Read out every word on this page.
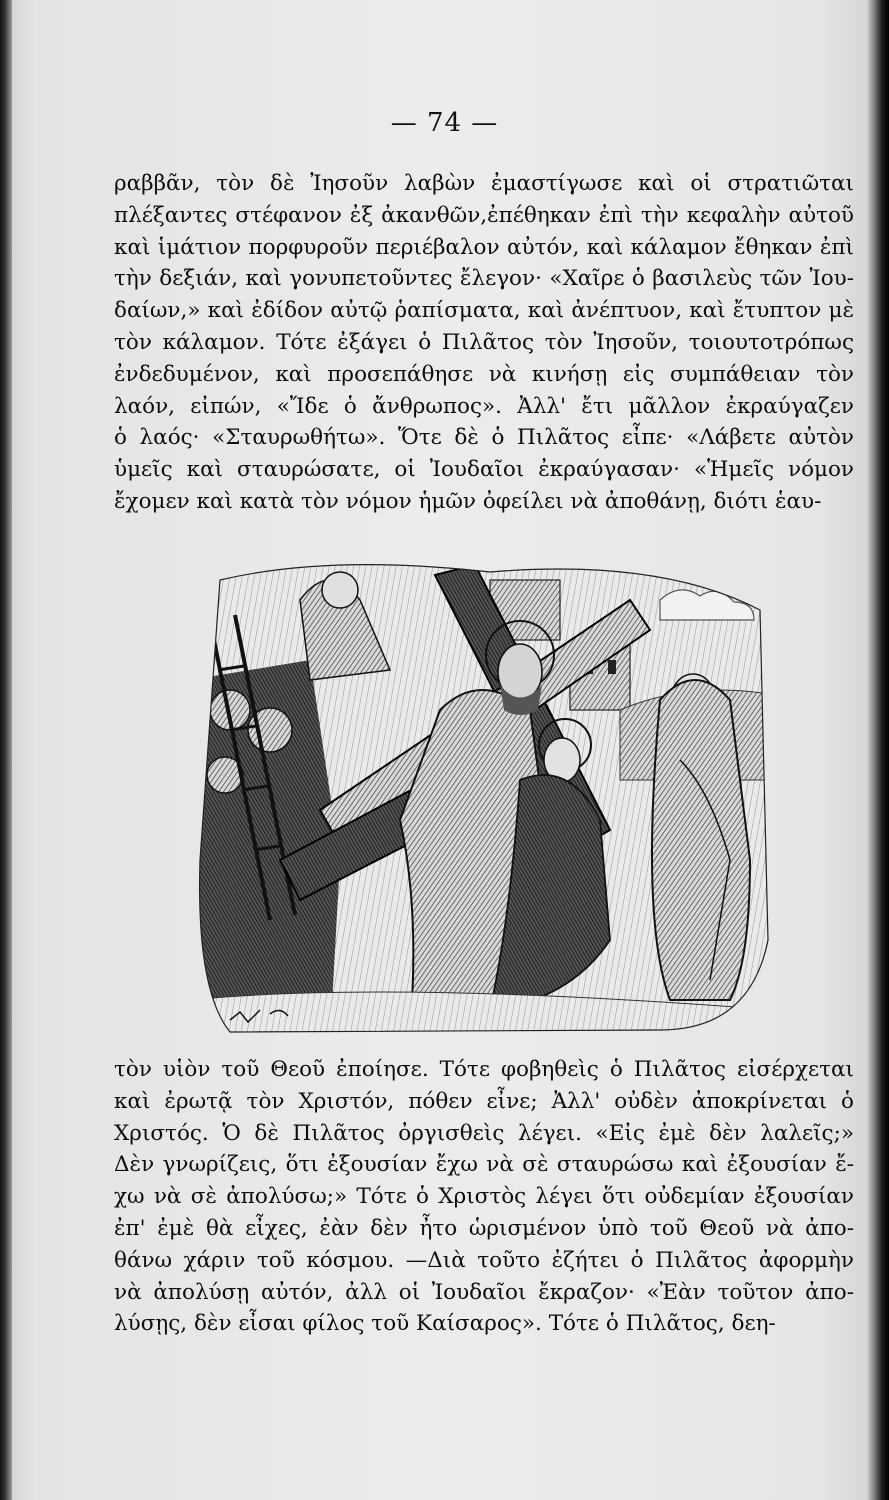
— 74 —
ραββᾶν, τὸν δὲ Ἰησοῦν λαβὼν ἐμαστίγωσε καὶ οἱ στρατιῶται
πλέξαντες στέφανον ἐξ ἀκανθῶν,ἐπέθηκαν ἐπὶ τὴν κεφαλὴν αὐτοῦ
καὶ ἱμάτιον πορφυροῦν περιέβαλον αὐτόν, καὶ κάλαμον ἔθηκαν ἐπὶ
τὴν δεξιάν, καὶ γονυπετοῦντες ἔλεγον· «Χαῖρε ὁ βασιλεὺς τῶν Ἰου-
δαίων,» καὶ ἐδίδον αὐτῷ ῥαπίσματα, καὶ ἀνέπτυον, καὶ ἔτυπτον μὲ
τὸν κάλαμον. Τότε ἐξάγει ὁ Πιλᾶτος τὸν Ἰησοῦν, τοιουτοτρόπως
ἐνδεδυμένον, καὶ προσεπάθησε νὰ κινήσῃ εἰς συμπάθειαν τὸν
λαόν, εἰπών, «Ἴδε ὁ ἄνθρωπος». Ἀλλ' ἔτι μᾶλλον ἐκραύγαζεν
ὁ λαός· «Σταυρωθήτω». Ὅτε δὲ ὁ Πιλᾶτος εἶπε· «Λάβετε αὐτὸν
ὑμεῖς καὶ σταυρώσατε, οἱ Ἰουδαῖοι ἐκραύγασαν· «Ἡμεῖς νόμον
ἔχομεν καὶ κατὰ τὸν νόμον ἡμῶν ὀφείλει νὰ ἀποθάνῃ, διότι ἑαυ-
τὸν υἱὸν τοῦ Θεοῦ ἐποίησε. Τότε φοβηθεὶς ὁ Πιλᾶτος εἰσέρχεται
καὶ ἐρωτᾷ τὸν Χριστόν, πόθεν εἶνε; Ἀλλ' οὐδὲν ἀποκρίνεται ὁ
Χριστός. Ὁ δὲ Πιλᾶτος ὀργισθεὶς λέγει. «Εἰς ἐμὲ δὲν λαλεῖς;»
Δὲν γνωρίζεις, ὅτι ἐξουσίαν ἔχω νὰ σὲ σταυρώσω καὶ ἐξουσίαν ἔ-
χω νὰ σὲ ἀπολύσω;» Τότε ὁ Χριστὸς λέγει ὅτι οὐδεμίαν ἐξουσίαν
ἐπ' ἐμὲ θὰ εἶχες, ἐὰν δὲν ἦτο ὡρισμένον ὑπὸ τοῦ Θεοῦ νὰ ἀπο-
θάνω χάριν τοῦ κόσμου. —Διὰ τοῦτο ἐζήτει ὁ Πιλᾶτος ἀφορμὴν
νὰ ἀπολύσῃ αὐτόν, ἀλλ οἱ Ἰουδαῖοι ἔκραζον· «Ἐὰν τοῦτον ἀπο-
λύσῃς, δὲν εἶσαι φίλος τοῦ Καίσαρος». Τότε ὁ Πιλᾶτος, δεη-
